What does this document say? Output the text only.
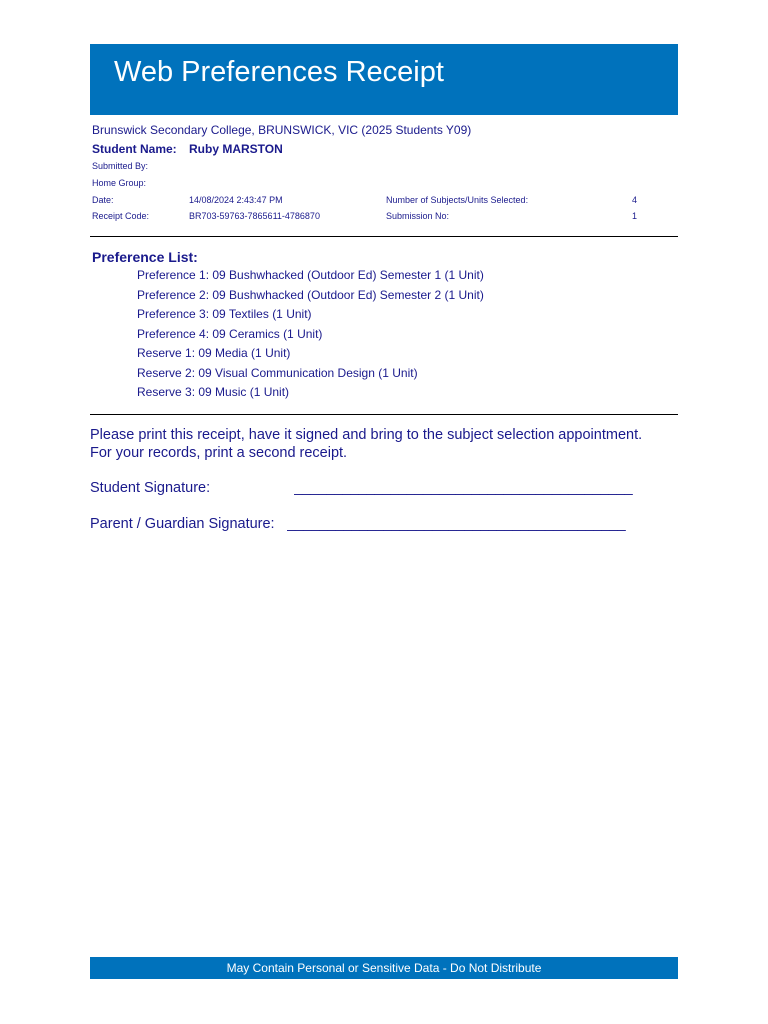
Web Preferences Receipt
Brunswick Secondary College, BRUNSWICK, VIC (2025 Students Y09)
Student Name: Ruby MARSTON
Submitted By:
Home Group:
Date:	14/08/2024 2:43:47 PM	Number of Subjects/Units Selected:	4
Receipt Code:	BR703-59763-7865611-4786870	Submission No:	1
Preference List:
Preference 1: 09 Bushwhacked (Outdoor Ed) Semester 1 (1 Unit)
Preference 2: 09 Bushwhacked (Outdoor Ed) Semester 2 (1 Unit)
Preference 3: 09 Textiles (1 Unit)
Preference 4: 09 Ceramics (1 Unit)
Reserve 1: 09 Media (1 Unit)
Reserve 2: 09 Visual Communication Design (1 Unit)
Reserve 3: 09 Music (1 Unit)
Please print this receipt, have it signed and bring to the subject selection appointment.
For your records, print a second receipt.
Student Signature:	__________________________________________
Parent / Guardian Signature: __________________________________________
May Contain Personal or Sensitive Data - Do Not Distribute
